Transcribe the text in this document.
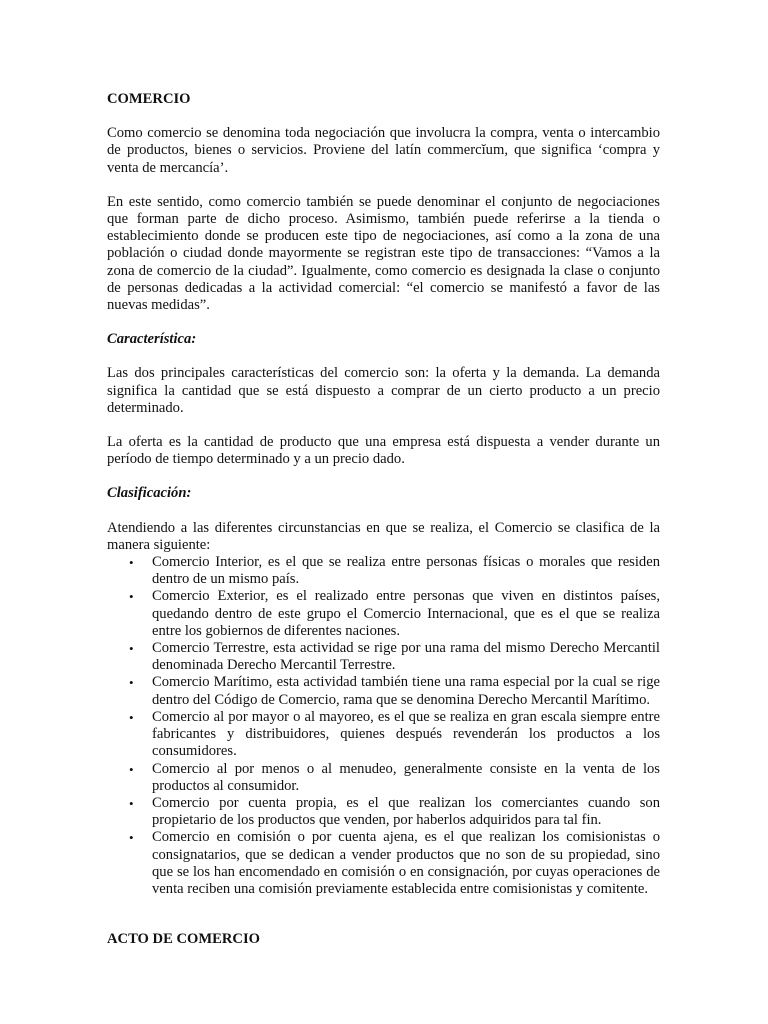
COMERCIO

Como comercio se denomina toda negociación que involucra la compra, venta o intercambio de productos, bienes o servicios. Proviene del latín commercĭum, que significa ‘compra y venta de mercancía’.

En este sentido, como comercio también se puede denominar el conjunto de negociaciones que forman parte de dicho proceso. Asimismo, también puede referirse a la tienda o establecimiento donde se producen este tipo de negociaciones, así como a la zona de una población o ciudad donde mayormente se registran este tipo de transacciones: “Vamos a la zona de comercio de la ciudad”. Igualmente, como comercio es designada la clase o conjunto de personas dedicadas a la actividad comercial: “el comercio se manifestó a favor de las nuevas medidas”.

Característica:

Las dos principales características del comercio son: la oferta y la demanda. La demanda significa la cantidad que se está dispuesto a comprar de un cierto producto a un precio determinado.

La oferta es la cantidad de producto que una empresa está dispuesta a vender durante un período de tiempo determinado y a un precio dado.

Clasificación:

Atendiendo a las diferentes circunstancias en que se realiza, el Comercio se clasifica de la manera siguiente:

• Comercio Interior, es el que se realiza entre personas físicas o morales que residen dentro de un mismo país.
• Comercio Exterior, es el realizado entre personas que viven en distintos países, quedando dentro de este grupo el Comercio Internacional, que es el que se realiza entre los gobiernos de diferentes naciones.
• Comercio Terrestre, esta actividad se rige por una rama del mismo Derecho Mercantil denominada Derecho Mercantil Terrestre.
• Comercio Marítimo, esta actividad también tiene una rama especial por la cual se rige dentro del Código de Comercio, rama que se denomina Derecho Mercantil Marítimo.
• Comercio al por mayor o al mayoreo, es el que se realiza en gran escala siempre entre fabricantes y distribuidores, quienes después revenderán los productos a los consumidores.
• Comercio al por menos o al menudeo, generalmente consiste en la venta de los productos al consumidor.
• Comercio por cuenta propia, es el que realizan los comerciantes cuando son propietario de los productos que venden, por haberlos adquiridos para tal fin.
• Comercio en comisión o por cuenta ajena, es el que realizan los comisionistas o consignatarios, que se dedican a vender productos que no son de su propiedad, sino que se los han encomendado en comisión o en consignación, por cuyas operaciones de venta reciben una comisión previamente establecida entre comisionistas y comitente.

ACTO DE COMERCIO
